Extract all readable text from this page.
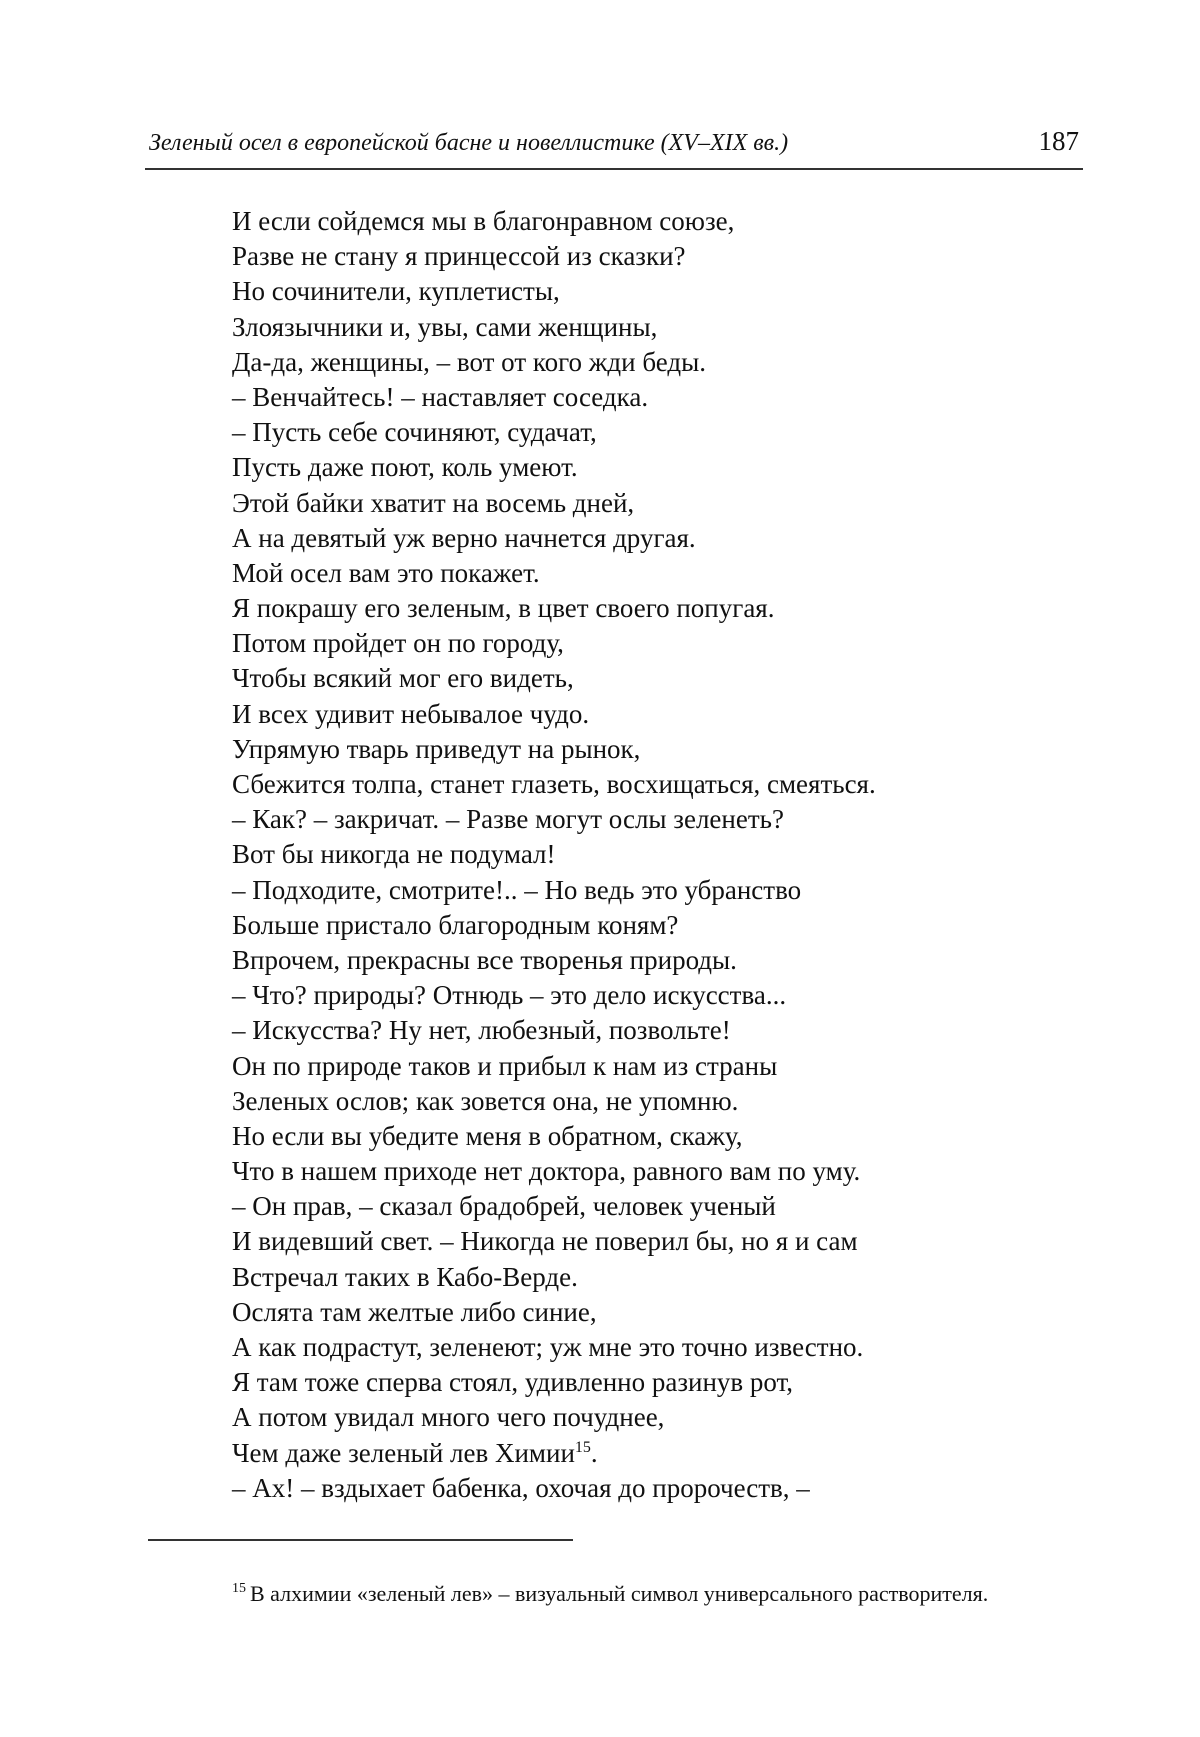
Зеленый осел в европейской басне и новеллистике (XV–XIX вв.)	187
И если сойдемся мы в благонравном союзе,
Разве не стану я принцессой из сказки?
Но сочинители, куплетисты,
Злоязычники и, увы, сами женщины,
Да-да, женщины, – вот от кого жди беды.
– Венчайтесь! – наставляет соседка.
– Пусть себе сочиняют, судачат,
Пусть даже поют, коль умеют.
Этой байки хватит на восемь дней,
А на девятый уж верно начнется другая.
Мой осел вам это покажет.
Я покрашу его зеленым, в цвет своего попугая.
Потом пройдет он по городу,
Чтобы всякий мог его видеть,
И всех удивит небывалое чудо.
Упрямую тварь приведут на рынок,
Сбежится толпа, станет глазеть, восхищаться, смеяться.
– Как? – закричат. – Разве могут ослы зеленеть?
Вот бы никогда не подумал!
– Подходите, смотрите!.. – Но ведь это убранство
Больше пристало благородным коням?
Впрочем, прекрасны все творенья природы.
– Что? природы? Отнюдь – это дело искусства...
– Искусства? Ну нет, любезный, позвольте!
Он по природе таков и прибыл к нам из страны
Зеленых ослов; как зовется она, не упомню.
Но если вы убедите меня в обратном, скажу,
Что в нашем приходе нет доктора, равного вам по уму.
– Он прав, – сказал брадобрей, человек ученый
И видевший свет. – Никогда не поверил бы, но я и сам
Встречал таких в Кабо-Верде.
Ослята там желтые либо синие,
А как подрастут, зеленеют; уж мне это точно известно.
Я там тоже сперва стоял, удивленно разинув рот,
А потом увидал много чего почуднее,
Чем даже зеленый лев Химии$^{15}$.
– Ах! – вздыхает бабенка, охочая до пророчеств, –

$^{15}$ В алхимии «зеленый лев» – визуальный символ универсального растворителя.
